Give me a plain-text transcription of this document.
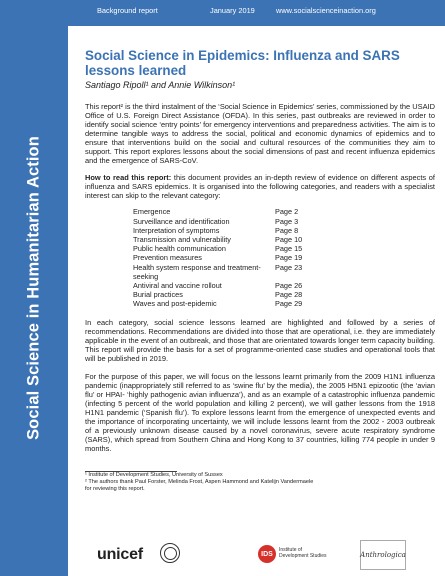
Social Science in Humanitarian Action
Background report	January 2019	www.socialscienceinaction.org
Social Science in Epidemics: Influenza and SARS lessons learned
Santiago Ripoll¹ and Annie Wilkinson¹

This report² is the third instalment of the ‘Social Science in Epidemics’ series, commissioned by the USAID Office of U.S. Foreign Direct Assistance (OFDA). In this series, past outbreaks are reviewed in order to identify social science ‘entry points’ for emergency interventions and preparedness activities. The aim is to determine tangible ways to address the social, political and economic dynamics of epidemics and to ensure that interventions build on the social and cultural resources of the communities they aim to support. This report explores lessons about the social dimensions of past and recent influenza epidemics and the emergence of SARS-CoV.

How to read this report: this document provides an in-depth review of evidence on different aspects of influenza and SARS epidemics. It is organised into the following categories, and readers with a specialist interest can skip to the relevant category:

Emergence	Page 2
Surveillance and identification	Page 3
Interpretation of symptoms	Page 8
Transmission and vulnerability	Page 10
Public health communication	Page 15
Prevention measures	Page 19
Health system response and treatment-seeking
Page 23
Antiviral and vaccine rollout	Page 26
Burial practices	Page 28
Waves and post-epidemic	Page 29

In each category, social science lessons learned are highlighted and followed by a series of recommendations. Recommendations are divided into those that are operational, i.e. they are immediately applicable in the event of an outbreak, and those that are orientated towards longer term capacity building. This report will provide the basis for a set of programme-oriented case studies and operational tools that will be published in 2019.

For the purpose of this paper, we will focus on the lessons learnt primarily from the 2009 H1N1 influenza pandemic (inappropriately still referred to as ‘swine flu’ by the media), the 2005 H5N1 epizootic (the ‘avian flu’ or HPAI- ‘highly pathogenic avian influenza’), and as an example of a catastrophic influenza pandemic (infecting 5 percent of the world population and killing 2 percent), we will gather lessons from the 1918 H1N1 pandemic (‘Spanish flu’). To explore lessons learnt from the emergence of unexpected events and the importance of incorporating uncertainty, we will include lessons learnt from the 2002 - 2003 outbreak of a previously unknown disease caused by a novel coronavirus, severe acute respiratory syndrome (SARS), which spread from Southern China and Hong Kong to 37 countries, killing 774 people in under 9 months.

¹ Institute of Development Studies, University of Sussex
² The authors thank Paul Forster, Melinda Frost, Aspen Hammond and Katelijn Vandermaele for reviewing this report.
unicef	IDS
Institute of Development Studies	Anthrologica
